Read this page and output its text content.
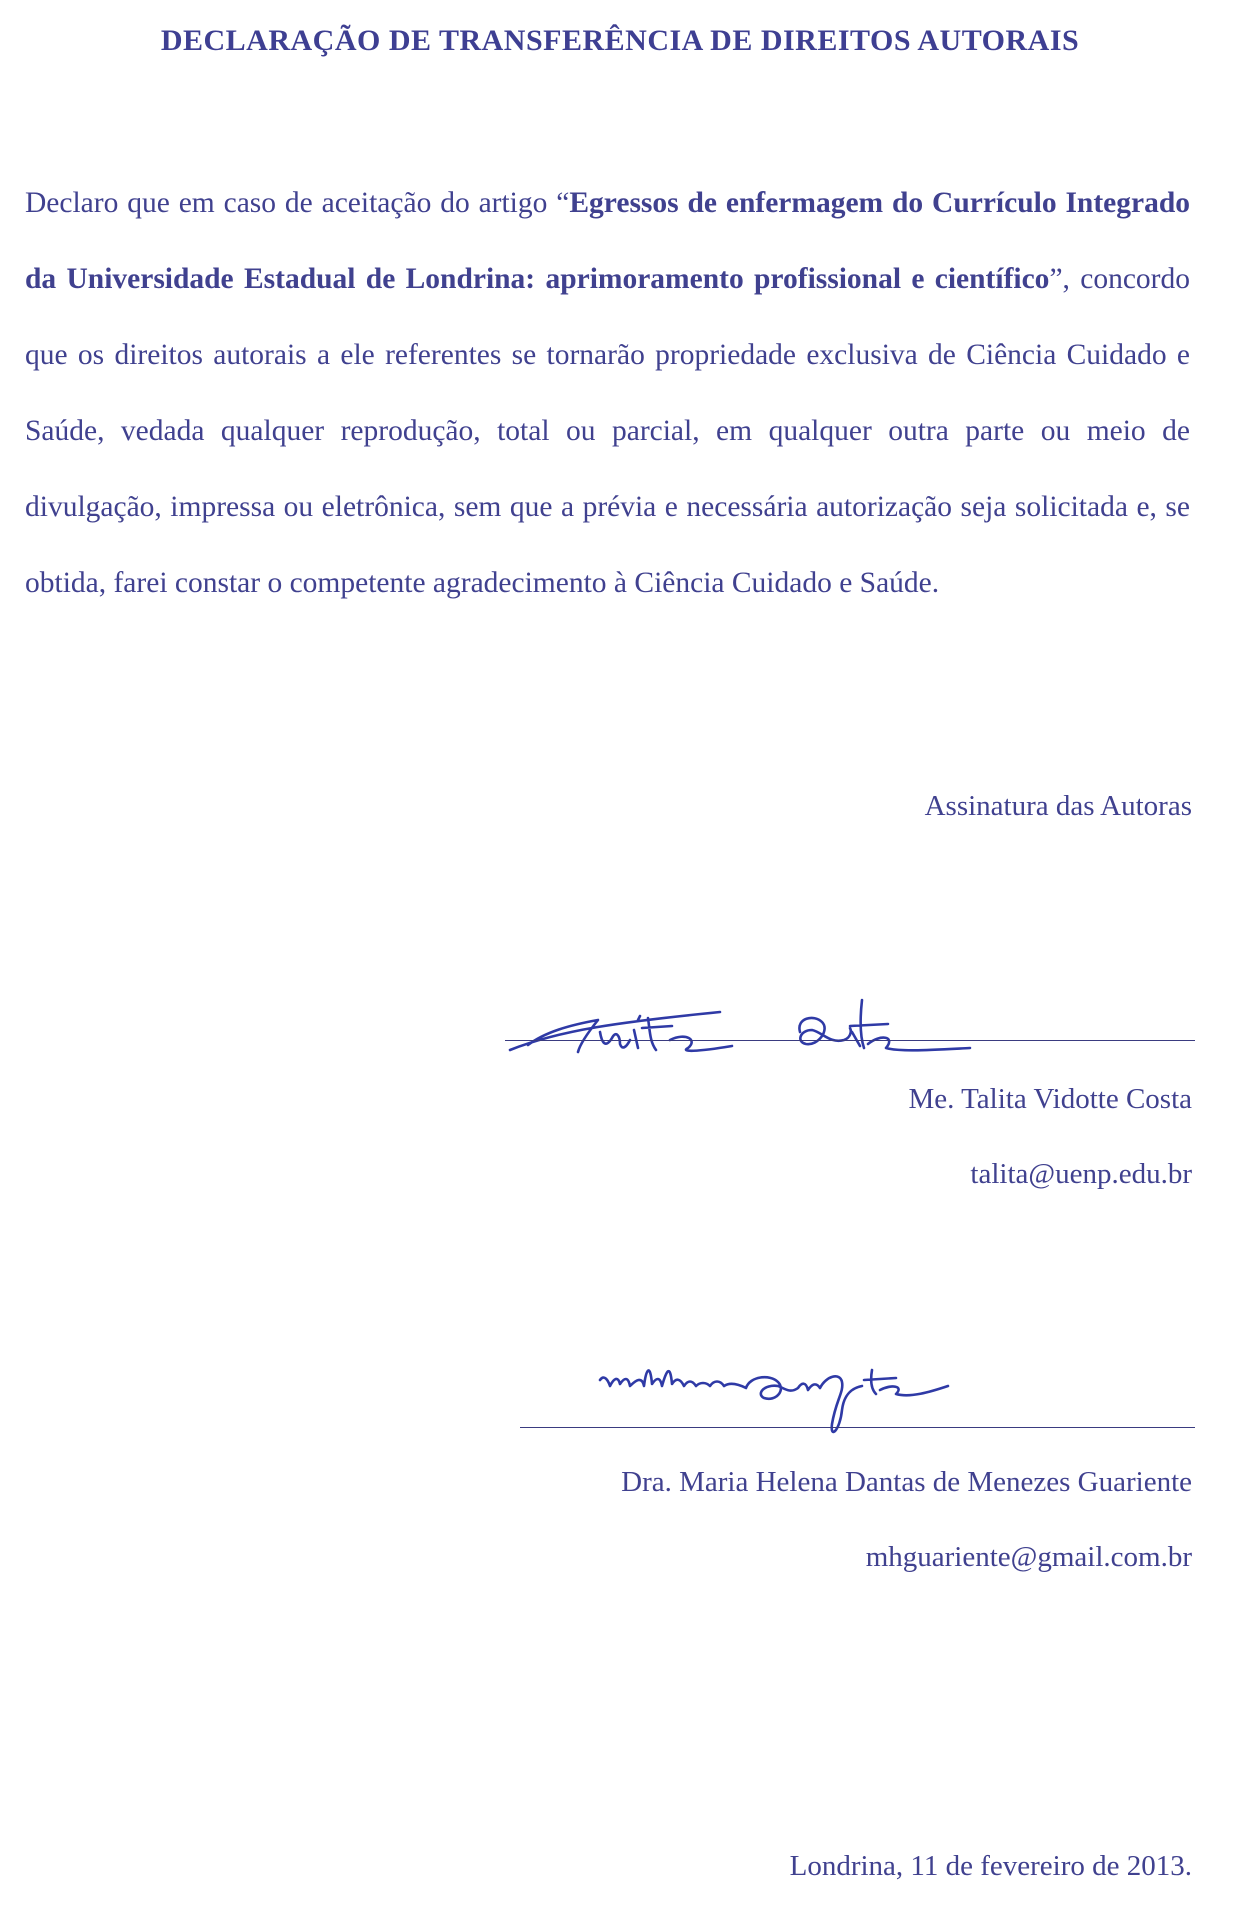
DECLARAÇÃO DE TRANSFERÊNCIA DE DIREITOS AUTORAIS
Declaro que em caso de aceitação do artigo “Egressos de enfermagem do Currículo Integrado da Universidade Estadual de Londrina: aprimoramento profissional e científico”, concordo que os direitos autorais a ele referentes se tornarão propriedade exclusiva de Ciência Cuidado e Saúde, vedada qualquer reprodução, total ou parcial, em qualquer outra parte ou meio de divulgação, impressa ou eletrônica, sem que a prévia e necessária autorização seja solicitada e, se obtida, farei constar o competente agradecimento à Ciência Cuidado e Saúde.
Assinatura das Autoras
Me. Talita Vidotte Costa
talita@uenp.edu.br
Dra. Maria Helena Dantas de Menezes Guariente
mhguariente@gmail.com.br
Londrina, 11 de fevereiro de 2013.
